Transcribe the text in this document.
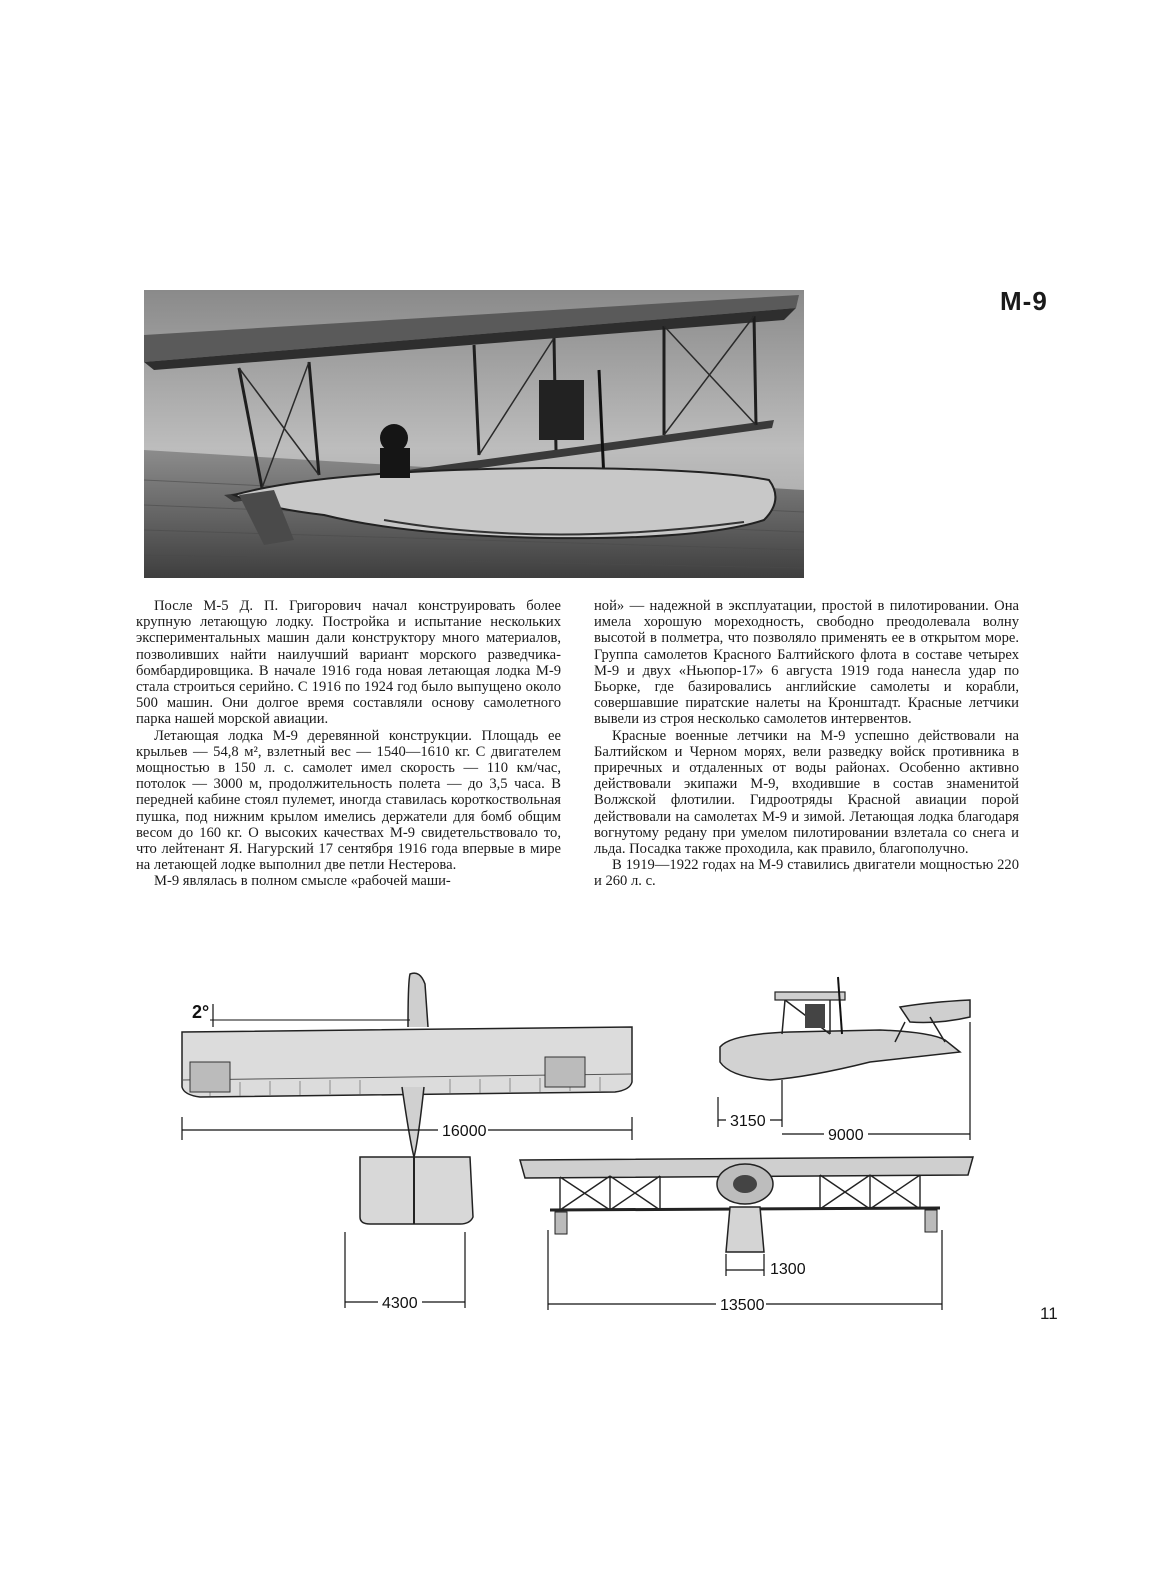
М-9

После М-5 Д. П. Григорович начал конструировать более крупную летающую лодку. Постройка и испытание нескольких экспериментальных машин дали конструктору много материалов, позволивших найти наилучший вариант морского разведчика-бомбардировщика. В начале 1916 года новая летающая лодка М-9 стала строиться серийно. С 1916 по 1924 год было выпущено около 500 машин. Они долгое время составляли основу самолетного парка нашей морской авиации.

Летающая лодка М-9 деревянной конструкции. Площадь ее крыльев — 54,8 м², взлетный вес — 1540—1610 кг. С двигателем мощностью в 150 л. с. самолет имел скорость — 110 км/час, потолок — 3000 м, продолжительность полета — до 3,5 часа. В передней кабине стоял пулемет, иногда ставилась короткоствольная пушка, под нижним крылом имелись держатели для бомб общим весом до 160 кг. О высоких качествах М-9 свидетельствовало то, что лейтенант Я. Нагурский 17 сентября 1916 года впервые в мире на летающей лодке выполнил две петли Нестерова.

М-9 являлась в полном смысле «рабочей маши-

ной» — надежной в эксплуатации, простой в пилотировании. Она имела хорошую мореходность, свободно преодолевала волну высотой в полметра, что позволяло применять ее в открытом море. Группа самолетов Красного Балтийского флота в составе четырех М-9 и двух «Ньюпор-17» 6 августа 1919 года нанесла удар по Бьорке, где базировались английские самолеты и корабли, совершавшие пиратские налеты на Кронштадт. Красные летчики вывели из строя несколько самолетов интервентов.

Красные военные летчики на М-9 успешно действовали на Балтийском и Черном морях, вели разведку войск противника в приречных и отдаленных от воды районах. Особенно активно действовали экипажи М-9, входившие в состав знаменитой Волжской флотилии. Гидроотряды Красной авиации порой действовали на самолетах М-9 и зимой. Летающая лодка благодаря вогнутому редану при умелом пилотировании взлетала со снега и льда. Посадка также проходила, как правило, благополучно.

В 1919—1922 годах на М-9 ставились двигатели мощностью 220 и 260 л. с.

2°
16000
4300
3150
9000
1300
13500	11
